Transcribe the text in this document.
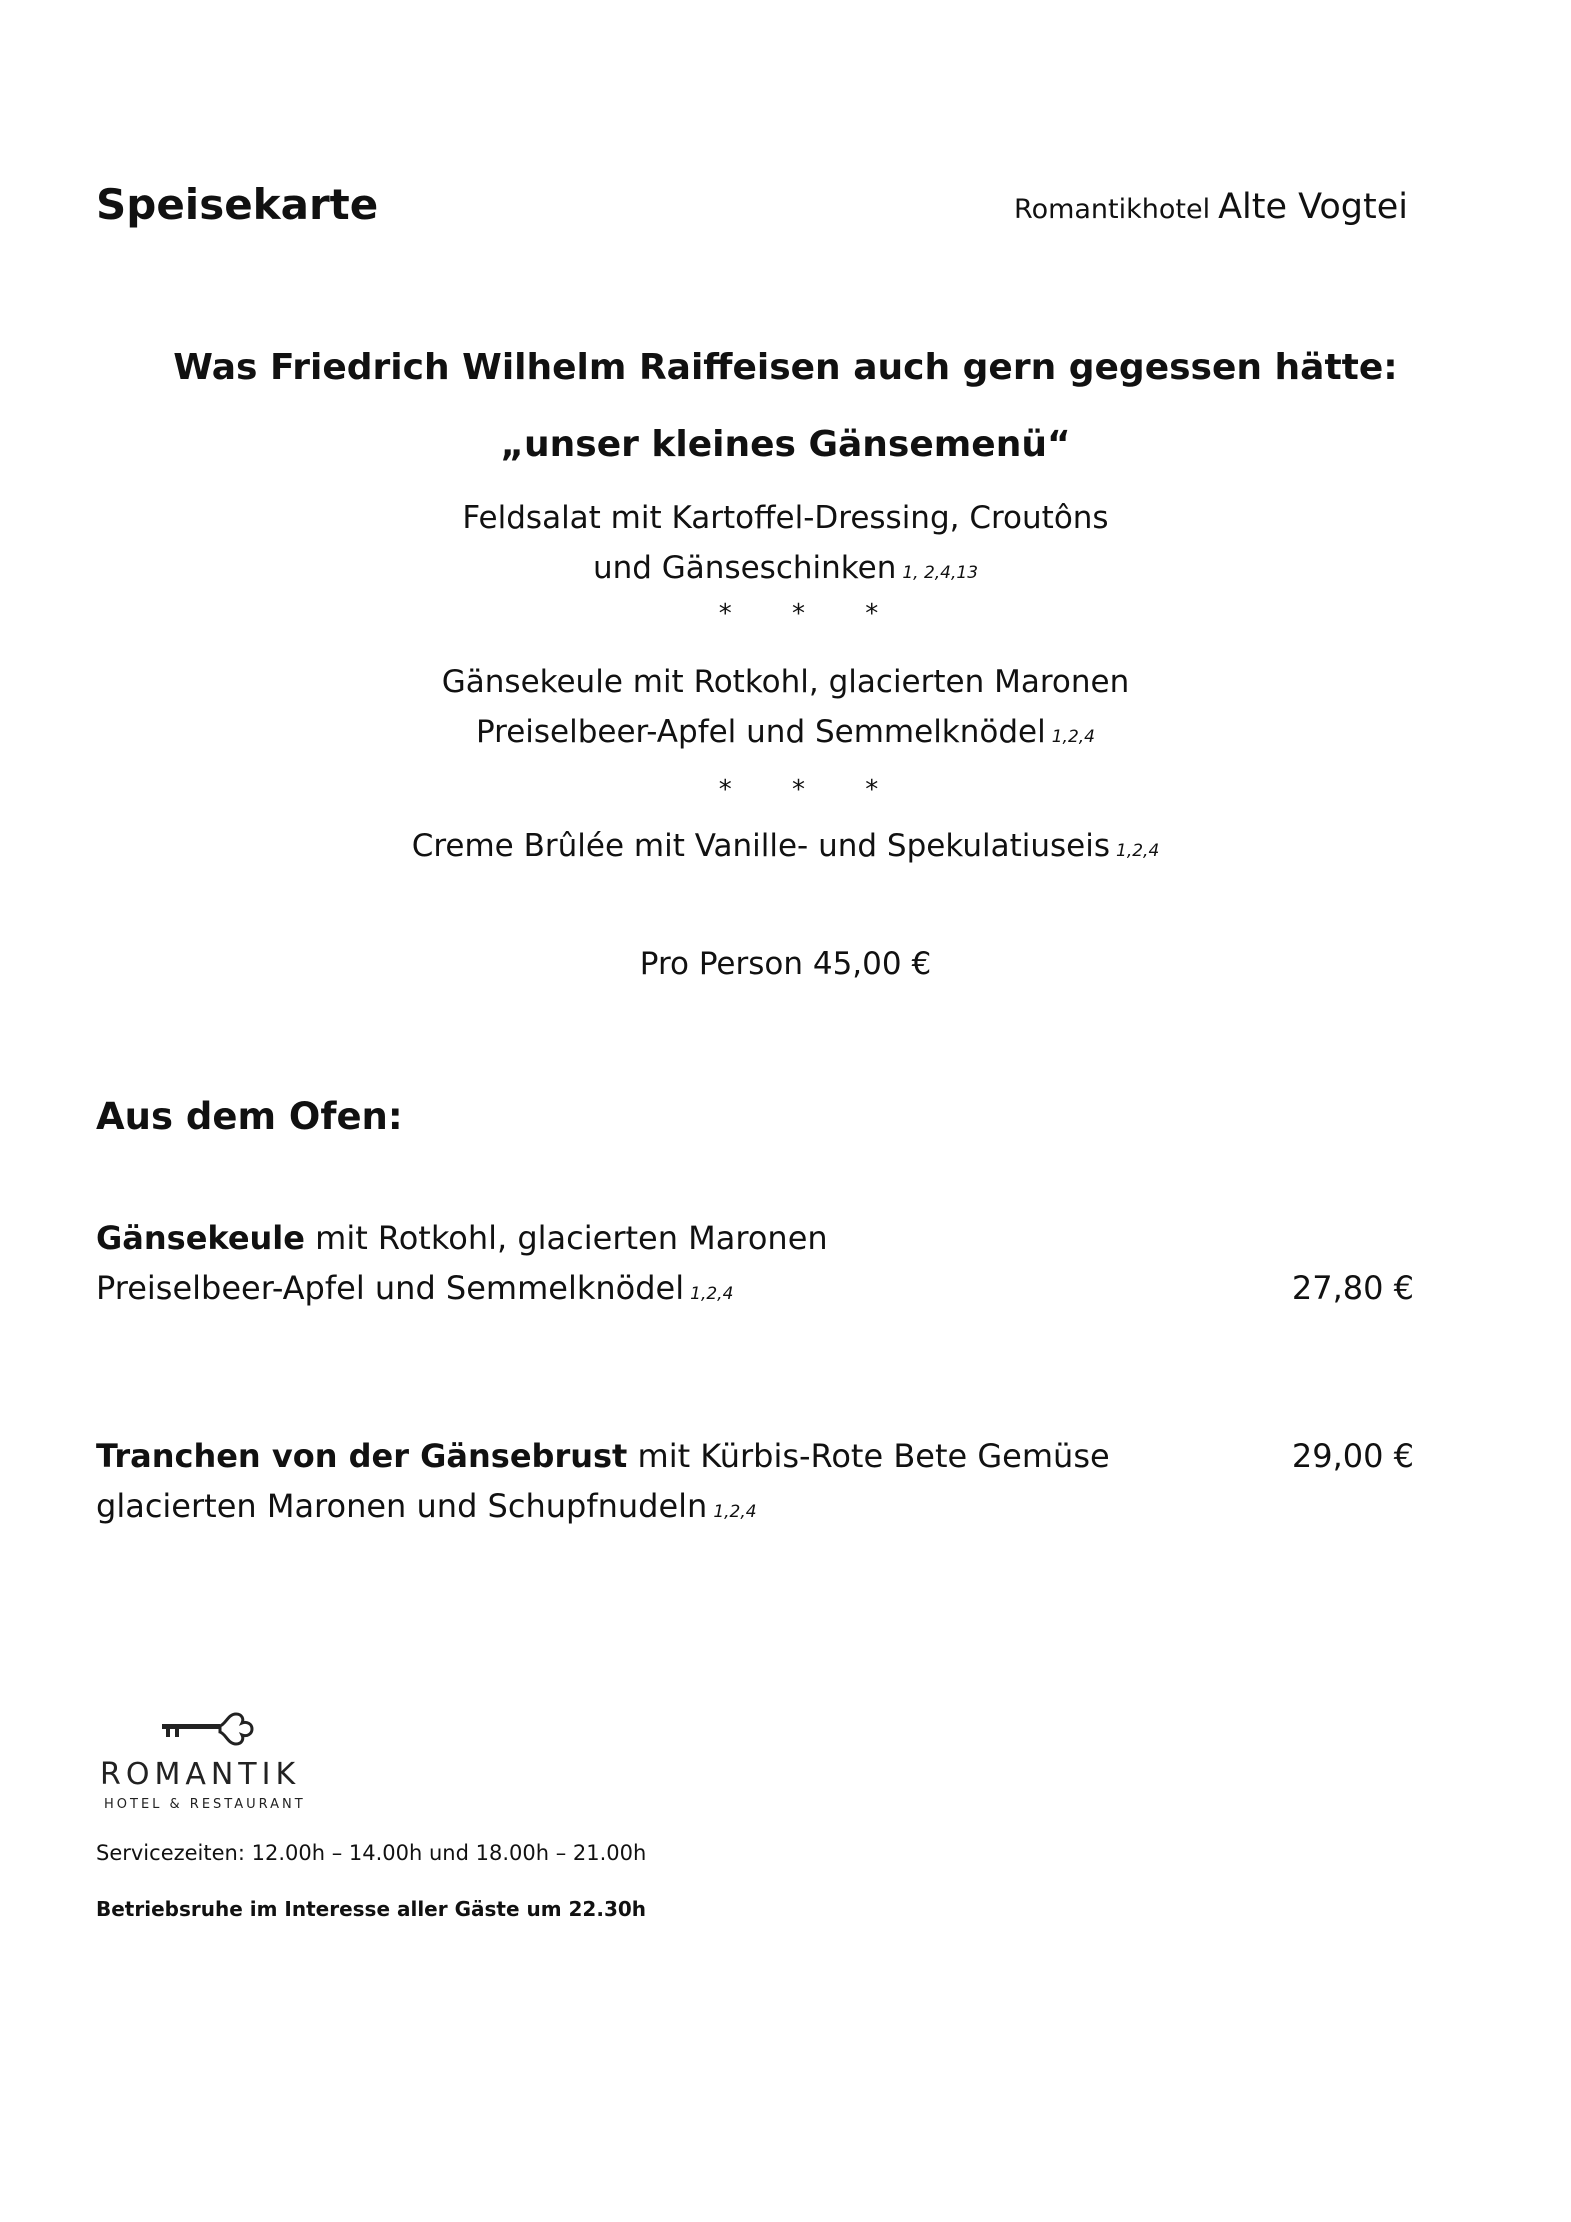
Speisekarte	Romantikhotel Alte Vogtei
Was Friedrich Wilhelm Raiffeisen auch gern gegessen hätte:
„unser kleines Gänsemenü“
Feldsalat mit Kartoffel-Dressing, Croutôns
und Gänseschinken 1, 2,4,13
* * *
Gänsekeule mit Rotkohl, glacierten Maronen
Preiselbeer-Apfel und Semmelknödel 1,2,4
* * *
Creme Brûlée mit Vanille- und Spekulatiuseis 1,2,4
Pro Person 45,00 €
Aus dem Ofen:
Gänsekeule mit Rotkohl, glacierten Maronen
Preiselbeer-Apfel und Semmelknödel 1,2,4	27,80 €
Tranchen von der Gänsebrust mit Kürbis-Rote Bete Gemüse	29,00 €
glacierten Maronen und Schupfnudeln 1,2,4
ROMANTIK
HOTEL & RESTAURANT
Servicezeiten: 12.00h – 14.00h und 18.00h – 21.00h
Betriebsruhe im Interesse aller Gäste um 22.30h
